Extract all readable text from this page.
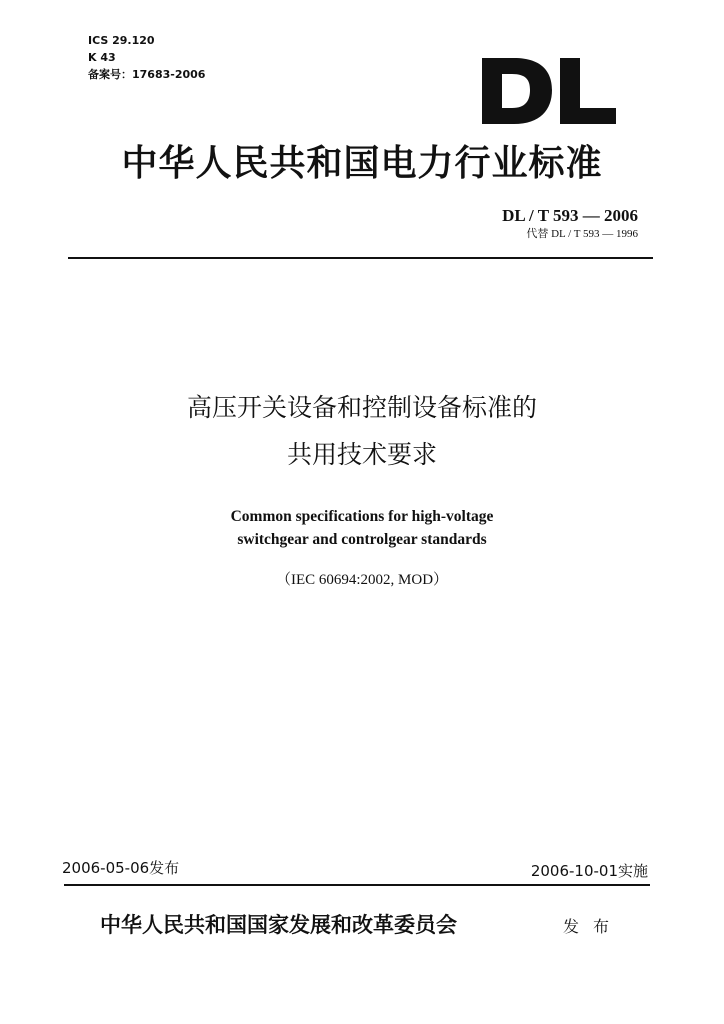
ICS 29.120
K 43
备案号：17683-2006
中华人民共和国电力行业标准
DL / T 593 — 2006
代替 DL / T 593 — 1996
高压开关设备和控制设备标准的
共用技术要求
Common specifications for high-voltage
switchgear and controlgear standards
（IEC 60694:2002, MOD）
2006-05-06发布	2006-10-01实施
中华人民共和国国家发展和改革委员会	发布
